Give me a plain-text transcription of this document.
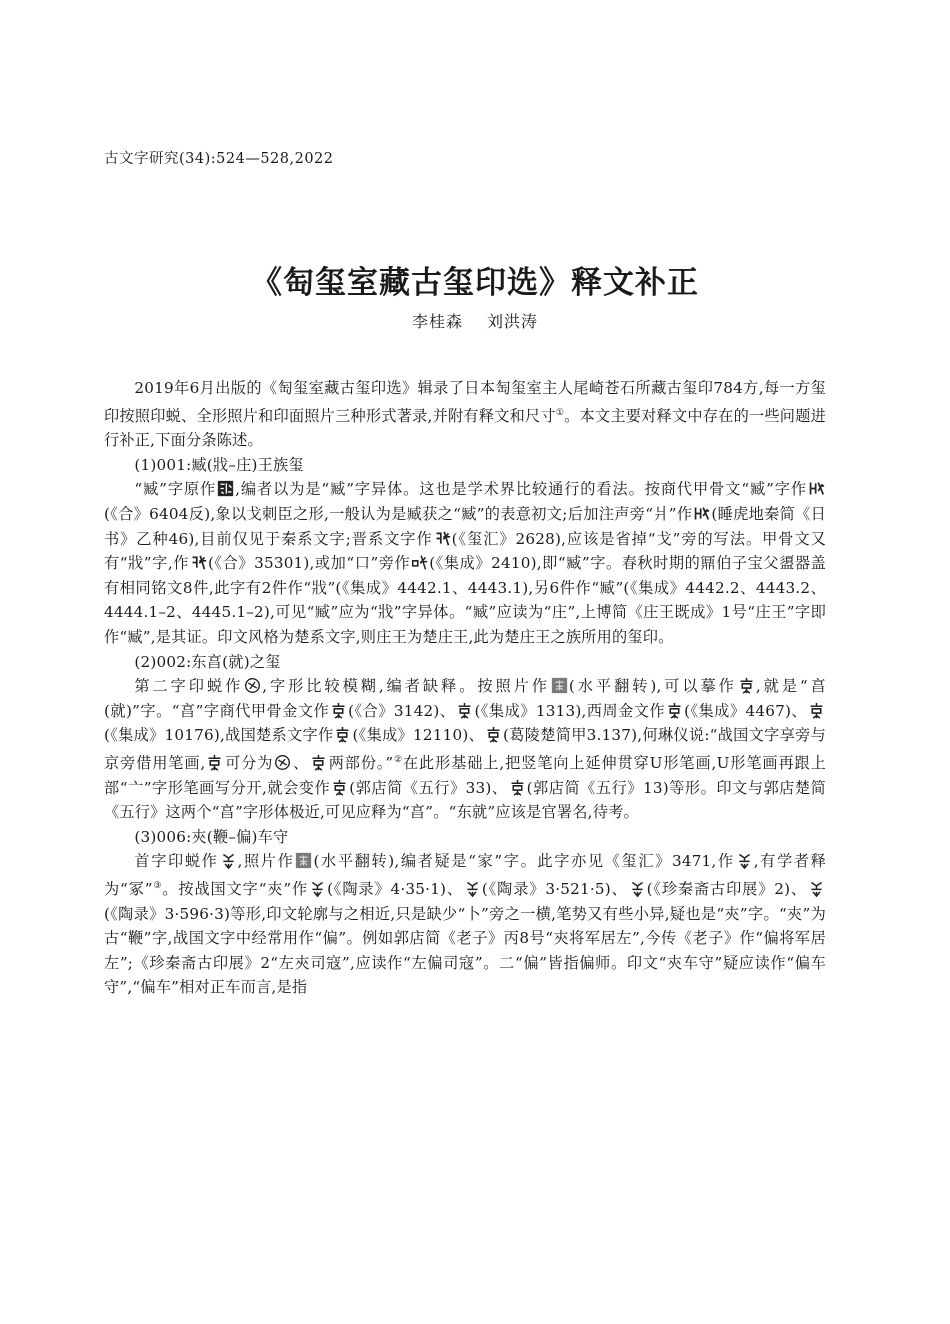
古文字研究(34):524—528,2022
《匋玺室藏古玺印选》释文补正
李桂森 刘洪涛

2019年6月出版的《匋玺室藏古玺印选》辑录了日本匋玺室主人尾崎苍石所藏古玺印784方,每一方玺印按照印蜕、全形照片和印面照片三种形式著录,并附有释文和尺寸①。本文主要对释文中存在的一些问题进行补正,下面分条陈述。

(1)001:臧(戕–庄)王族玺

“臧”字原作 ,编者以为是“臧”字异体。这也是学术界比较通行的看法。按商代甲骨文“臧”字作
(《合》6404反),象以戈刺臣之形,一般认为是臧获之“臧”的表意初文;后加注声旁“爿”作 (睡虎地秦简《日书》乙种46),目前仅见于秦系文字;晋系文字作 (《玺汇》2628),应该是省掉“戈”旁的写法。甲骨文又有“戕”字,作 (《合》35301),或加“口”旁作 (《集成》2410),即“臧”字。春秋时期的鼏伯子宝父盨器盖有相同铭文8件,此字有2件作“戕”(《集成》4442.1、4443.1),另6件作“臧”(《集成》4442.2、4443.2、4444.1–2、4445.1–2),可见“臧”应为“戕”字异体。“臧”应读为“庄”,上博简《庄王既成》1号“庄王”字即作“臧”,是其证。印文风格为楚系文字,则庄王为楚庄王,此为楚庄王之族所用的玺印。

(2)002:东亯(就)之玺

第二字印蜕作 ,字形比较模糊,编者缺释。按照片作 (水平翻转),可以摹作 ,就是“亯(就)”字。“亯”字商代甲骨金文作 (《合》3142)、 (《集成》1313),西周金文作 (《集成》4467)、
(《集成》10176),战国楚系文字作 (《集成》12110)、 (葛陵楚简甲3.137),何琳仪说:“战国文字享旁与京旁借用笔画, 可分为 、 两部份。”②在此形基础上,把竖笔向上延伸贯穿U形笔画,U形笔画再跟上部“亠”字形笔画写分开,就会变作 (郭店简《五行》33)、 (郭店简《五行》13)等形。印文与郭店楚简《五行》这两个“亯”字形体极近,可见应释为“亯”。“东就”应该是官署名,待考。

(3)006:㚒(鞭–偏)车守

首字印蜕作 ,照片作 (水平翻转),编者疑是“家”字。此字亦见《玺汇》3471,作 ,有学者释为“冢”③。按战国文字“㚒”作 (《陶录》4·35·1)、 (《陶录》3·521·5)、 (《珍秦斋古印展》2)、
(《陶录》3·596·3)等形,印文轮廓与之相近,只是缺少“卜”旁之一横,笔势又有些小异,疑也是“㚒”字。“㚒”为古“鞭”字,战国文字中经常用作“偏”。例如郭店简《老子》丙8号“㚒将军居左”,今传《老子》作“偏将军居左”;《珍秦斋古印展》2“左㚒司寇”,应读作“左偏司寇”。二“偏”皆指偏师。印文“㚒车守”疑应读作“偏车守”,“偏车”相对正车而言,是指
